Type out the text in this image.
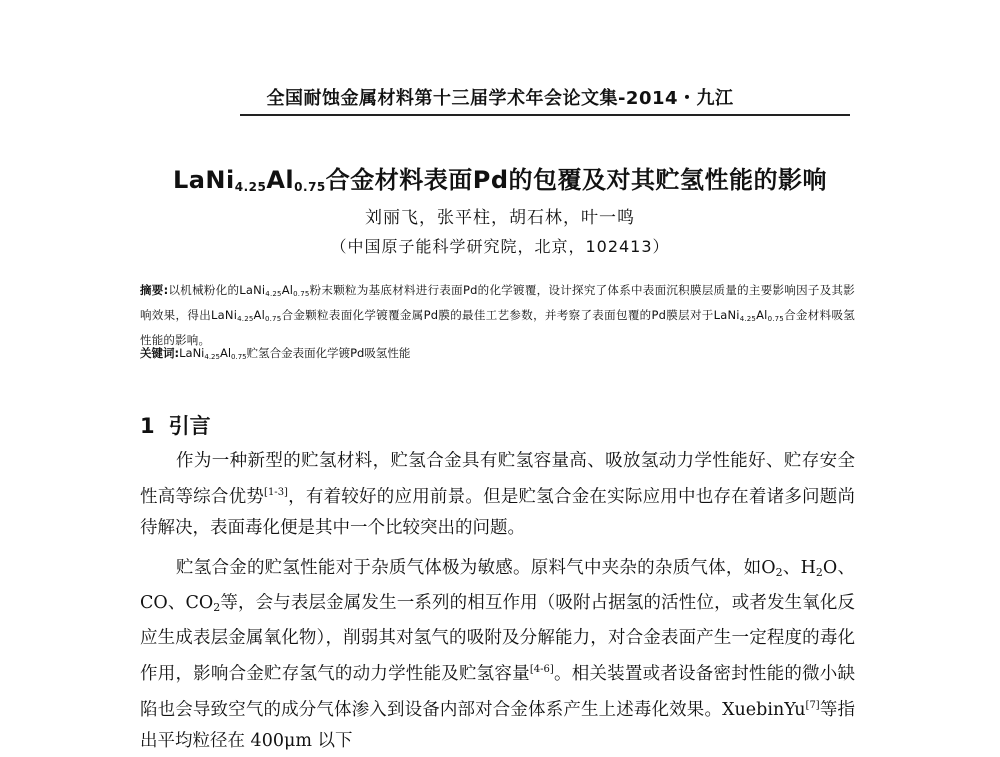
全国耐蚀金属材料第十三届学术年会论文集-2014・九江
$LaNi_{4.25}Al_{0.75}$合金材料表面Pd的包覆及对其贮氢性能的影响
刘丽飞，张平柱，胡石林，叶一鸣
（中国原子能科学研究院，北京，102413）
摘要:以机械粉化的$LaNi_{4.25}Al_{0.75}$粉末颗粒为基底材料进行表面Pd的化学镀覆，设计探究了体系中表面沉积膜层质量的主要影响因子及其影响效果，得出$LaNi_{4.25}Al_{0.75}$合金颗粒表面化学镀覆金属Pd膜的最佳工艺参数，并考察了表面包覆的Pd膜层对于$LaNi_{4.25}Al_{0.75}$合金材料吸氢性能的影响。
关键词$:LaNi_{4.25}Al_{0.75}$贮氢合金表面化学镀Pd吸氢性能
1 引言
作为一种新型的贮氢材料，贮氢合金具有贮氢容量高、吸放氢动力学性能好、贮存安全性高等综合优势[1-3]，有着较好的应用前景。但是贮氢合金在实际应用中也存在着诸多问题尚待解决，表面毒化便是其中一个比较突出的问题。
贮氢合金的贮氢性能对于杂质气体极为敏感。原料气中夹杂的杂质气体，如$O_2$、$H_2O$、CO、$CO_2$等，会与表层金属发生一系列的相互作用（吸附占据氢的活性位，或者发生氧化反应生成表层金属氧化物），削弱其对氢气的吸附及分解能力，对合金表面产生一定程度的毒化作用，影响合金贮存氢气的动力学性能及贮氢容量[4-6]。相关装置或者设备密封性能的微小缺陷也会导致空气的成分气体渗入到设备内部对合金体系产生上述毒化效果。XuebinYu[7]等指出平均粒径在 400μm 以下
